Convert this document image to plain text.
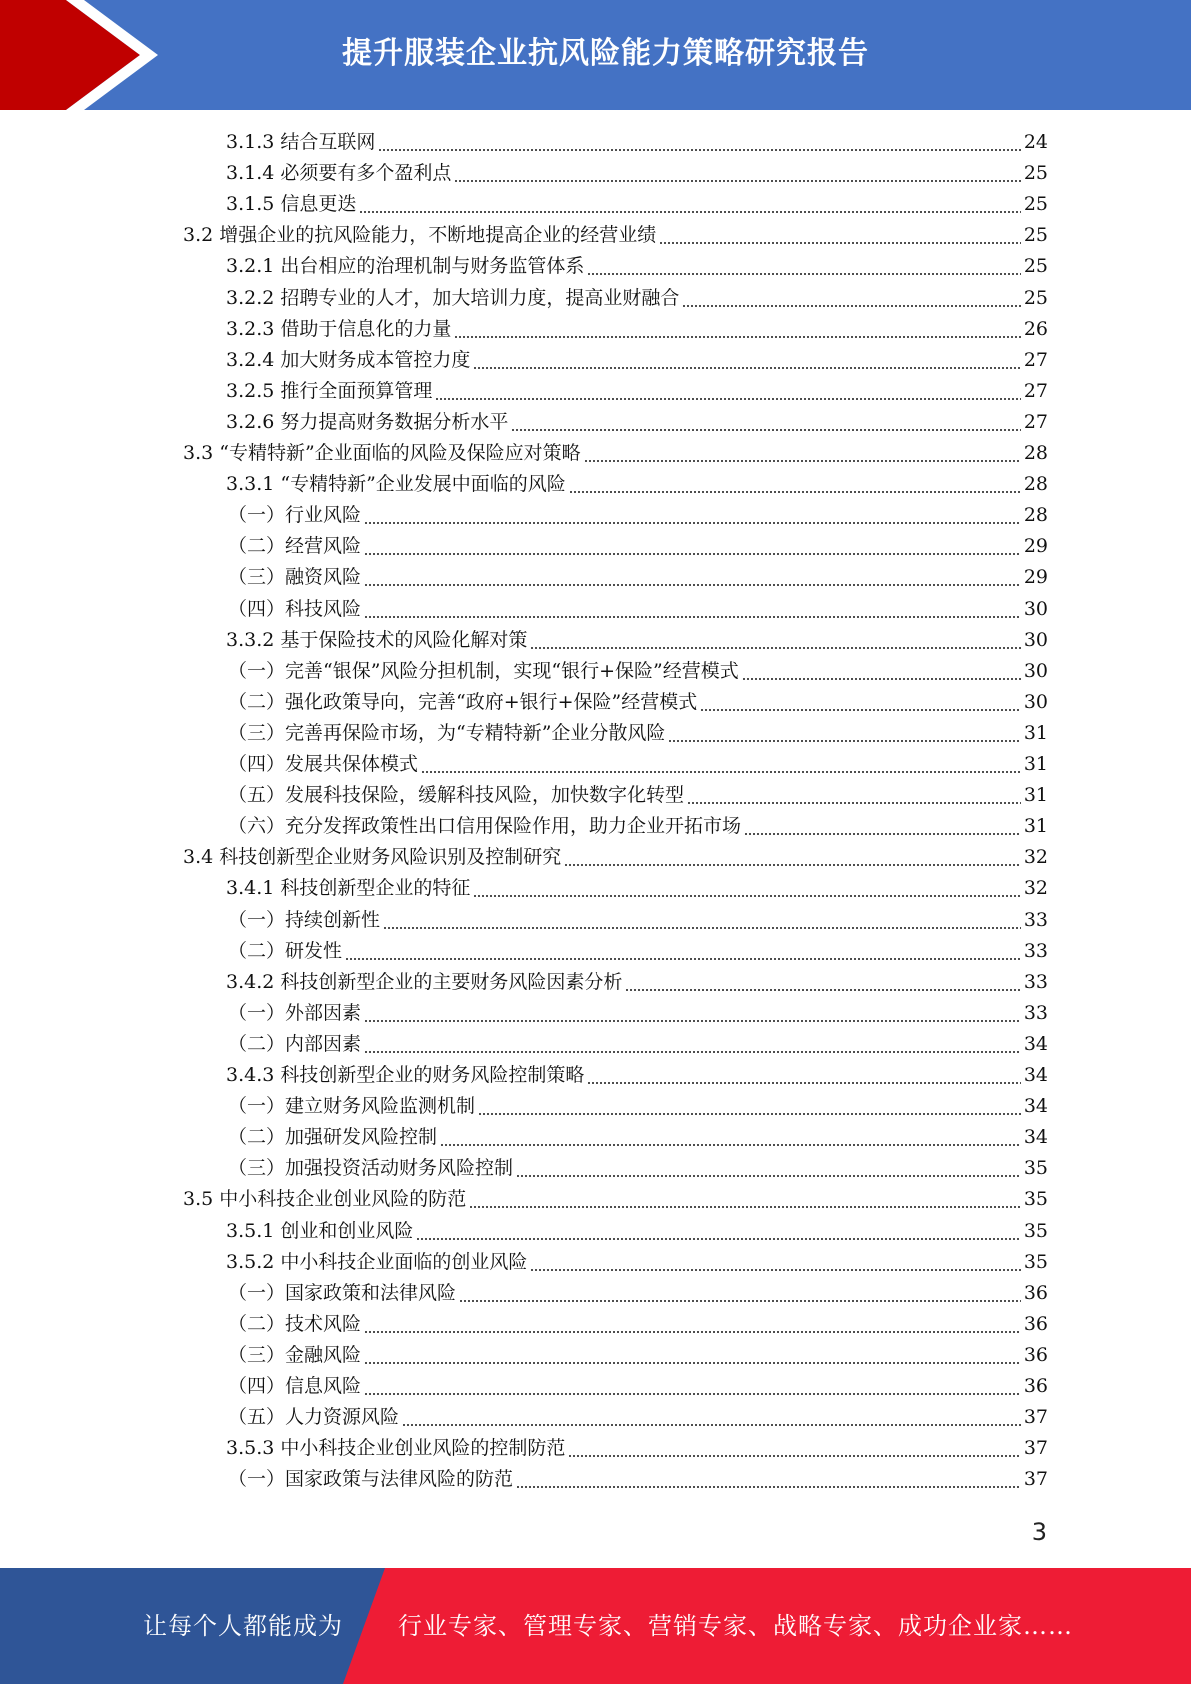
提升服装企业抗风险能力策略研究报告
3.1.3 结合互联网	24
3.1.4 必须要有多个盈利点	25
3.1.5 信息更迭	25
3.2 增强企业的抗风险能力，不断地提高企业的经营业绩	25
3.2.1 出台相应的治理机制与财务监管体系	25
3.2.2 招聘专业的人才，加大培训力度，提高业财融合	25
3.2.3 借助于信息化的力量	26
3.2.4 加大财务成本管控力度	27
3.2.5 推行全面预算管理	27
3.2.6 努力提高财务数据分析水平	27
3.3 “专精特新”企业面临的风险及保险应对策略	28
3.3.1 “专精特新”企业发展中面临的风险	28
（一）行业风险	28
（二）经营风险	29
（三）融资风险	29
（四）科技风险	30
3.3.2 基于保险技术的风险化解对策	30
（一）完善“银保”风险分担机制，实现“银行+保险”经营模式	30
（二）强化政策导向，完善“政府+银行+保险”经营模式	30
（三）完善再保险市场，为“专精特新”企业分散风险	31
（四）发展共保体模式	31
（五）发展科技保险，缓解科技风险，加快数字化转型	31
（六）充分发挥政策性出口信用保险作用，助力企业开拓市场	31
3.4 科技创新型企业财务风险识别及控制研究	32
3.4.1 科技创新型企业的特征	32
（一）持续创新性	33
（二）研发性	33
3.4.2 科技创新型企业的主要财务风险因素分析	33
（一）外部因素	33
（二）内部因素	34
3.4.3 科技创新型企业的财务风险控制策略	34
（一）建立财务风险监测机制	34
（二）加强研发风险控制	34
（三）加强投资活动财务风险控制	35
3.5 中小科技企业创业风险的防范	35
3.5.1 创业和创业风险	35
3.5.2 中小科技企业面临的创业风险	35
（一）国家政策和法律风险	36
（二）技术风险	36
（三）金融风险	36
（四）信息风险	36
（五）人力资源风险	37
3.5.3 中小科技企业创业风险的控制防范	37
（一）国家政策与法律风险的防范	37
3
让每个人都能成为 行业专家、管理专家、营销专家、战略专家、成功企业家……
